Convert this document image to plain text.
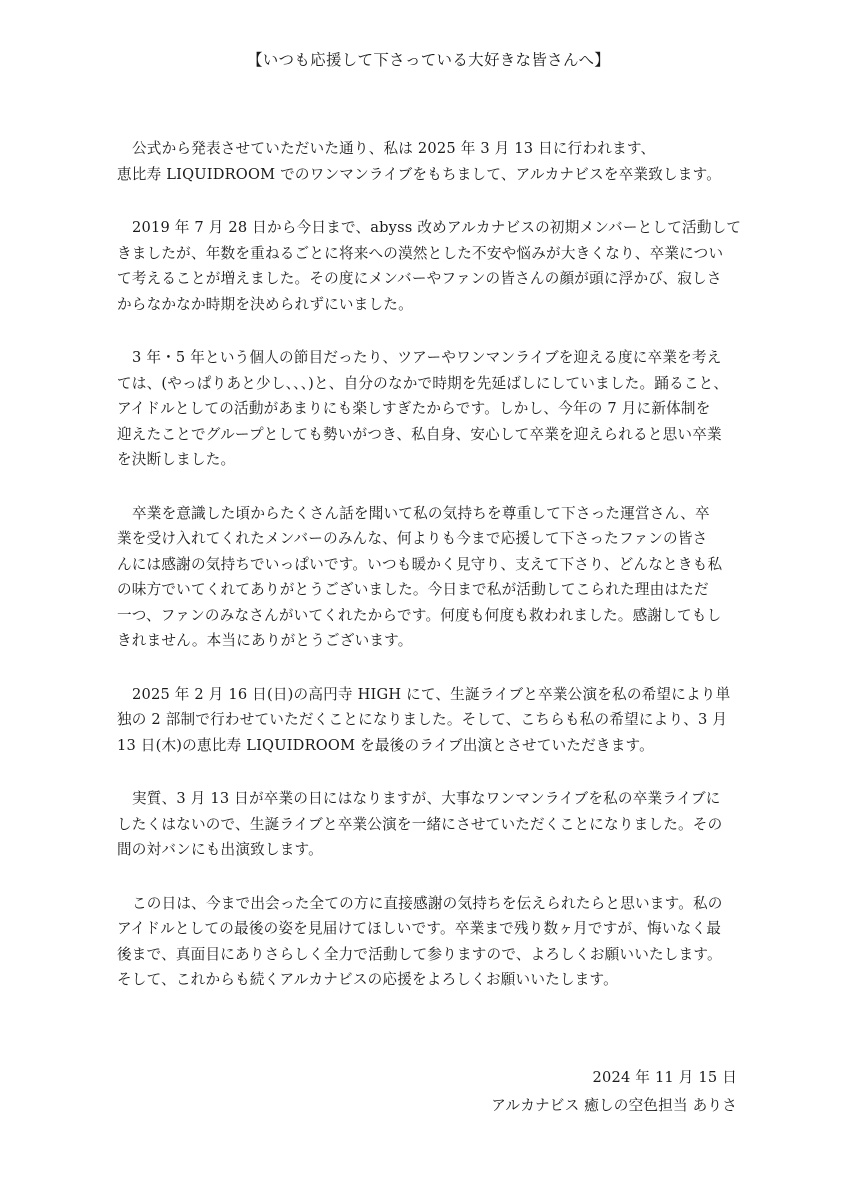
【いつも応援して下さっている大好きな皆さんへ】

公式から発表させていただいた通り、私は 2025 年 3 月 13 日に行われます、
恵比寿 LIQUIDROOM でのワンマンライブをもちまして、アルカナビスを卒業致します。

2019 年 7 月 28 日から今日まで、abyss 改めアルカナビスの初期メンバーとして活動して
きましたが、年数を重ねるごとに将来への漠然とした不安や悩みが大きくなり、卒業につい
て考えることが増えました。その度にメンバーやファンの皆さんの顔が頭に浮かび、寂しさ
からなかなか時期を決められずにいました。

3 年・5 年という個人の節目だったり、ツアーやワンマンライブを迎える度に卒業を考え
ては、(やっぱりあと少し、、、)と、自分のなかで時期を先延ばしにしていました。踊ること、
アイドルとしての活動があまりにも楽しすぎたからです。しかし、今年の 7 月に新体制を
迎えたことでグループとしても勢いがつき、私自身、安心して卒業を迎えられると思い卒業
を決断しました。

卒業を意識した頃からたくさん話を聞いて私の気持ちを尊重して下さった運営さん、卒
業を受け入れてくれたメンバーのみんな、何よりも今まで応援して下さったファンの皆さ
んには感謝の気持ちでいっぱいです。いつも暖かく見守り、支えて下さり、どんなときも私
の味方でいてくれてありがとうございました。今日まで私が活動してこられた理由はただ
一つ、ファンのみなさんがいてくれたからです。何度も何度も救われました。感謝してもし
きれません。本当にありがとうございます。

2025 年 2 月 16 日(日)の高円寺 HIGH にて、生誕ライブと卒業公演を私の希望により単
独の 2 部制で行わせていただくことになりました。そして、こちらも私の希望により、3 月
13 日(木)の恵比寿 LIQUIDROOM を最後のライブ出演とさせていただきます。

実質、3 月 13 日が卒業の日にはなりますが、大事なワンマンライブを私の卒業ライブに
したくはないので、生誕ライブと卒業公演を一緒にさせていただくことになりました。その
間の対バンにも出演致します。

この日は、今まで出会った全ての方に直接感謝の気持ちを伝えられたらと思います。私の
アイドルとしての最後の姿を見届けてほしいです。卒業まで残り数ヶ月ですが、悔いなく最
後まで、真面目にありさらしく全力で活動して参りますので、よろしくお願いいたします。
そして、これからも続くアルカナビスの応援をよろしくお願いいたします。

2024 年 11 月 15 日
アルカナビス 癒しの空色担当 ありさ
